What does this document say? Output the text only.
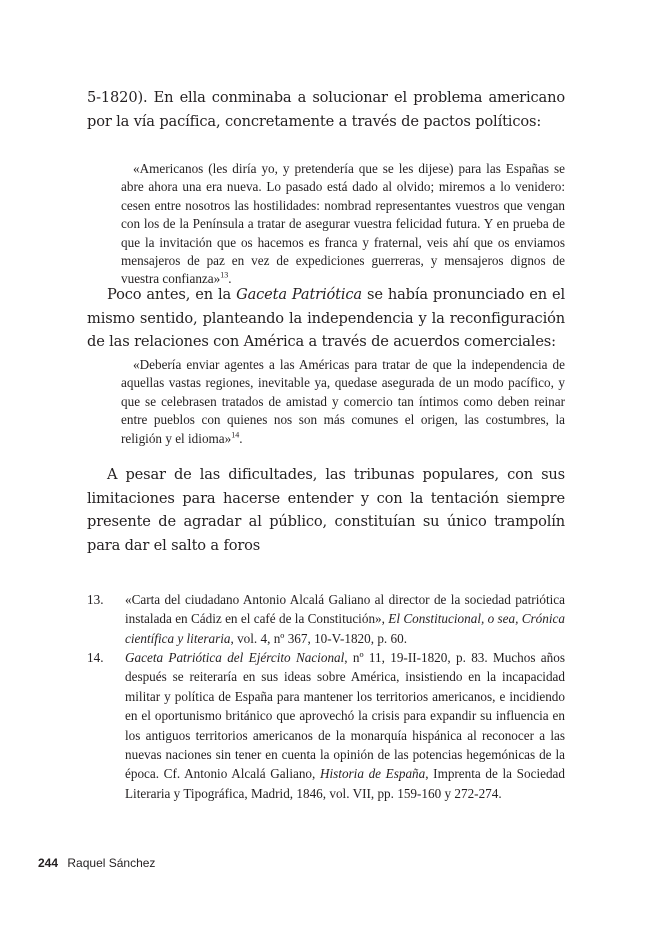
5-1820). En ella conminaba a solucionar el problema americano por la vía pacífica, concretamente a través de pactos políticos:

«Americanos (les diría yo, y pretendería que se les dijese) para las Españas se abre ahora una era nueva. Lo pasado está dado al olvido; miremos a lo venidero: cesen entre nosotros las hostilidades: nombrad representantes vuestros que vengan con los de la Península a tratar de asegurar vuestra felicidad futura. Y en prueba de que la invitación que os hacemos es franca y fraternal, veis ahí que os enviamos mensajeros de paz en vez de expediciones guerreras, y mensajeros dignos de vuestra confianza»$^{13}$.

Poco antes, en la Gaceta Patriótica se había pronunciado en el mismo sentido, planteando la independencia y la reconfiguración de las relaciones con América a través de acuerdos comerciales:

«Debería enviar agentes a las Américas para tratar de que la independencia de aquellas vastas regiones, inevitable ya, quedase asegurada de un modo pacífico, y que se celebrasen tratados de amistad y comercio tan íntimos como deben reinar entre pueblos con quienes nos son más comunes el origen, las costumbres, la religión y el idioma»$^{14}$.

A pesar de las dificultades, las tribunas populares, con sus limitaciones para hacerse entender y con la tentación siempre presente de agradar al público, constituían su único trampolín para dar el salto a foros

13.	«Carta del ciudadano Antonio Alcalá Galiano al director de la sociedad patriótica instalada en Cádiz en el café de la Constitución», El Constitucional, o sea, Crónica científica y literaria, vol. 4, nº 367, 10-V-1820, p. 60.
14.	Gaceta Patriótica del Ejército Nacional, nº 11, 19-II-1820, p. 83. Muchos años después se reiteraría en sus ideas sobre América, insistiendo en la incapacidad militar y política de España para mantener los territorios americanos, e incidiendo en el oportunismo británico que aprovechó la crisis para expandir su influencia en los antiguos territorios americanos de la monarquía hispánica al reconocer a las nuevas naciones sin tener en cuenta la opinión de las potencias hegemónicas de la época. Cf. Antonio Alcalá Galiano, Historia de España, Imprenta de la Sociedad Literaria y Tipográfica, Madrid, 1846, vol. VII, pp. 159-160 y 272-274.
244 Raquel Sánchez
